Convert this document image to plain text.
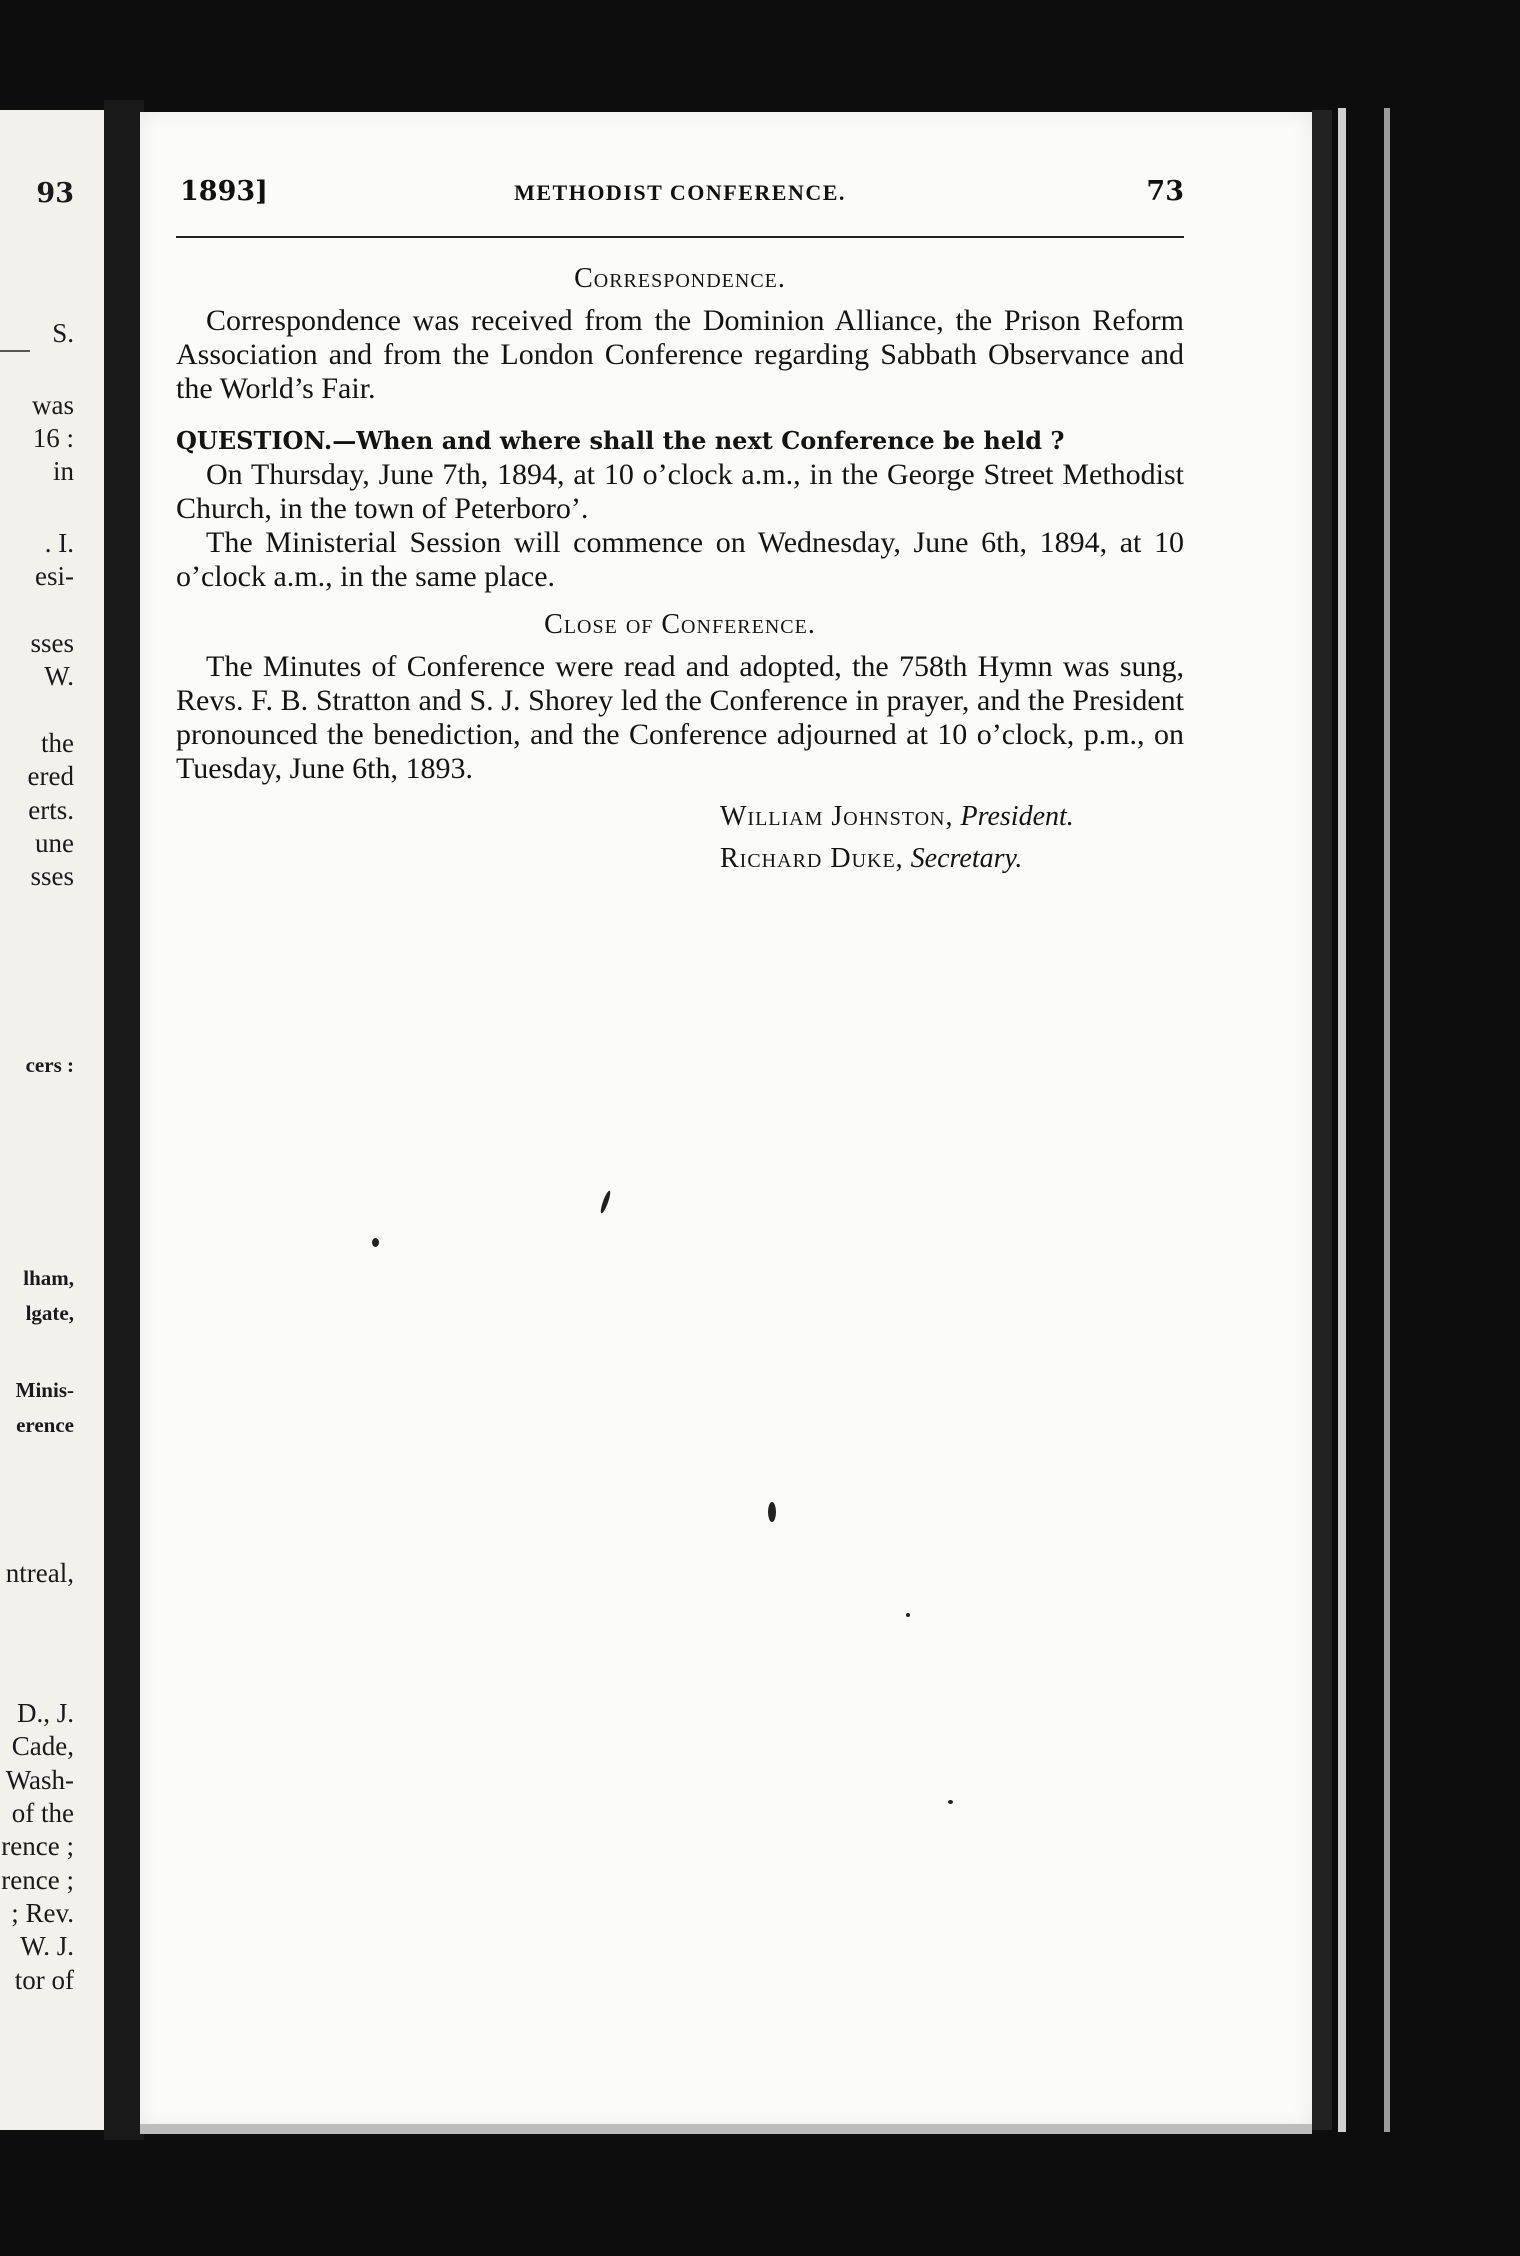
93
S.
was
16 :
in
. I.
esi-
sses
W.
the
ered
erts.
une
sses
cers :
lham,
lgate,
Minis-
erence
ntreal,
D., J.
Cade,
Wash-
of the
rence ;
rence ;
; Rev.
W. J.
tor of
1893]	METHODIST CONFERENCE.	73
Correspondence.

Correspondence was received from the Dominion Alliance, the Prison Reform Association and from the London Conference regarding Sabbath Observance and the World’s Fair.

QUESTION.—When and where shall the next Conference be held ?

On Thursday, June 7th, 1894, at 10 o’clock a.m., in the George Street Methodist Church, in the town of Peterboro’.

The Ministerial Session will commence on Wednesday, June 6th, 1894, at 10 o’clock a.m., in the same place.

Close of Conference.

The Minutes of Conference were read and adopted, the 758th Hymn was sung, Revs. F. B. Stratton and S. J. Shorey led the Conference in prayer, and the President pronounced the benediction, and the Conference adjourned at 10 o’clock, p.m., on Tuesday, June 6th, 1893.

William Johnston, President.
Richard Duke, Secretary.
